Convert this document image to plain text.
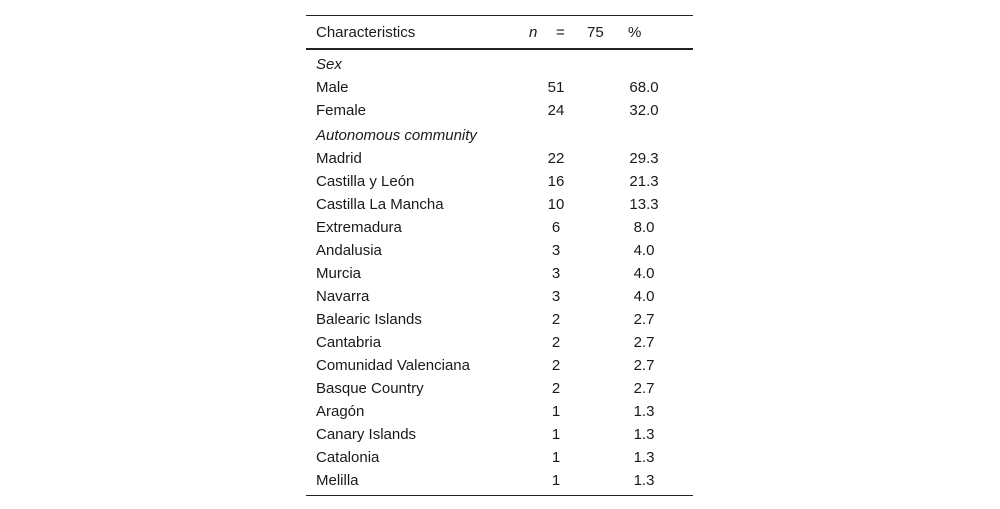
Characteristics	n = 75 %
Sex
Male	51	68.0
Female	24	32.0
Autonomous community
Madrid	22	29.3
Castilla y León	16	21.3
Castilla La Mancha	10	13.3
Extremadura	6	8.0
Andalusia	3	4.0
Murcia	3	4.0
Navarra	3	4.0
Balearic Islands	2	2.7
Cantabria	2	2.7
Comunidad Valenciana	2	2.7
Basque Country	2	2.7
Aragón	1	1.3
Canary Islands	1	1.3
Catalonia	1	1.3
Melilla	1	1.3
